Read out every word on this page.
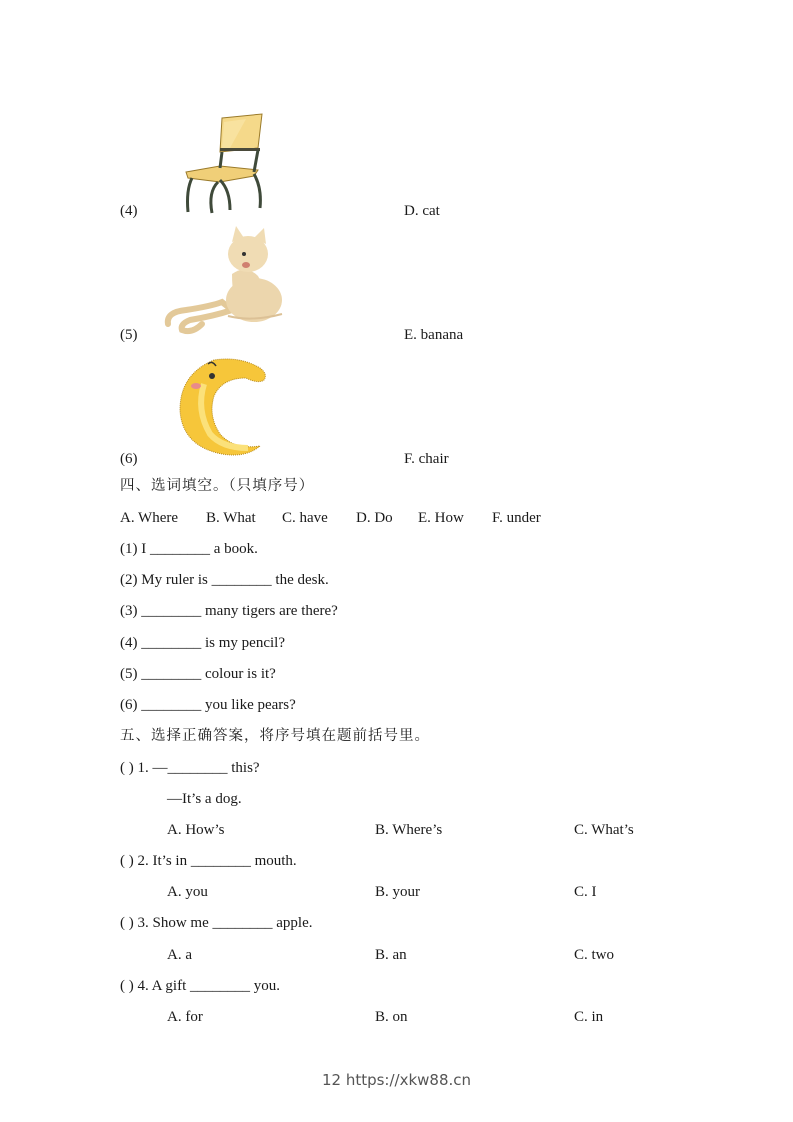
(4)	D. cat
(5)	E. banana
(6)	F. chair
四、选词填空。（只填序号）
A. Where B. What C. have D. Do E. How F. under
(1) I ________ a book.
(2) My ruler is ________ the desk.
(3) ________ many tigers are there?
(4) ________ is my pencil?
(5) ________ colour is it?
(6) ________ you like pears?
五、选择正确答案，将序号填在题前括号里。
( ) 1. —________ this?
—It’s a dog.
A. How’s	B. Where’s	C. What’s
( ) 2. It’s in ________ mouth.
A. you	B. your	C. I
( ) 3. Show me ________ apple.
A. a	B. an	C. two
( ) 4. A gift ________ you.
A. for	B. on	C. in
12 https://xkw88.cn
